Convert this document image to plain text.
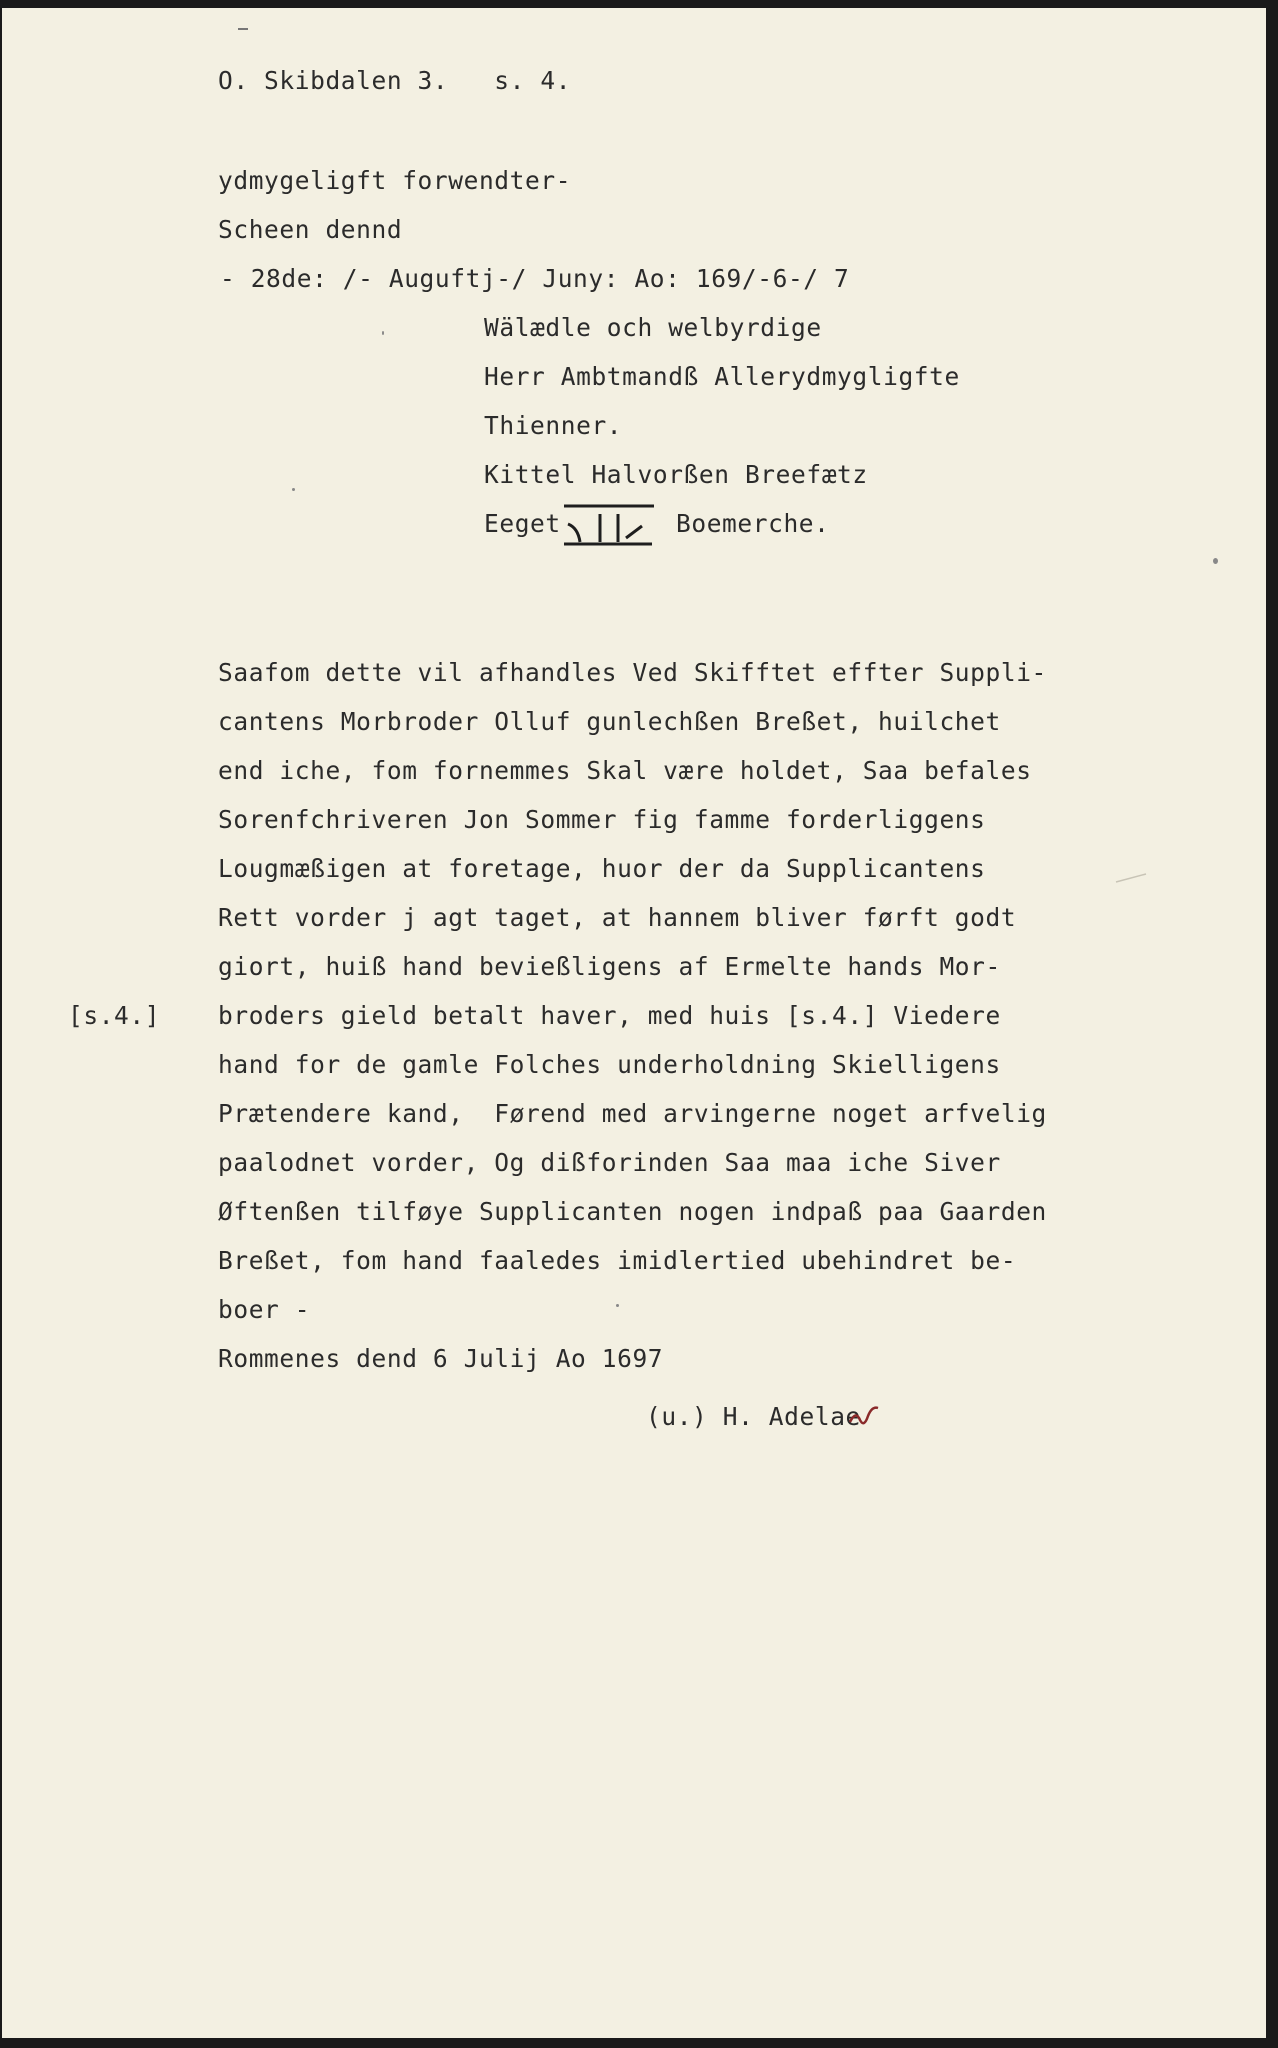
O. Skibdalen 3.   s. 4.
ydmygeligft forwendter-
Scheen dennd
- 28de: /- Auguftj-/ Juny: Ao: 169/-6-/ 7
Wälædle och welbyrdige
Herr Ambtmandß Allerydmygligfte
Thienner.
Kittel Halvorßen Breefætz
Eeget	Boemerche.
[s.4.]
Saafom dette vil afhandles Ved Skifftet effter Suppli-
cantens Morbroder Olluf gunlechßen Breßet, huilchet
end iche, fom fornemmes Skal være holdet, Saa befales
Sorenfchriveren Jon Sommer fig famme forderliggens
Lougmæßigen at foretage, huor der da Supplicantens
Rett vorder j agt taget, at hannem bliver førft godt
giort, huiß hand bevießligens af Ermelte hands Mor-
broders gield betalt haver, med huis [s.4.] Viedere
hand for de gamle Folches underholdning Skielligens
Prætendere kand,  Førend med arvingerne noget arfvelig
paalodnet vorder, Og dißforinden Saa maa iche Siver
Øftenßen tilføye Supplicanten nogen indpaß paa Gaarden
Breßet, fom hand faaledes imidlertied ubehindret be-
boer -
Rommenes dend 6 Julij Ao 1697
(u.) H. Adelae
